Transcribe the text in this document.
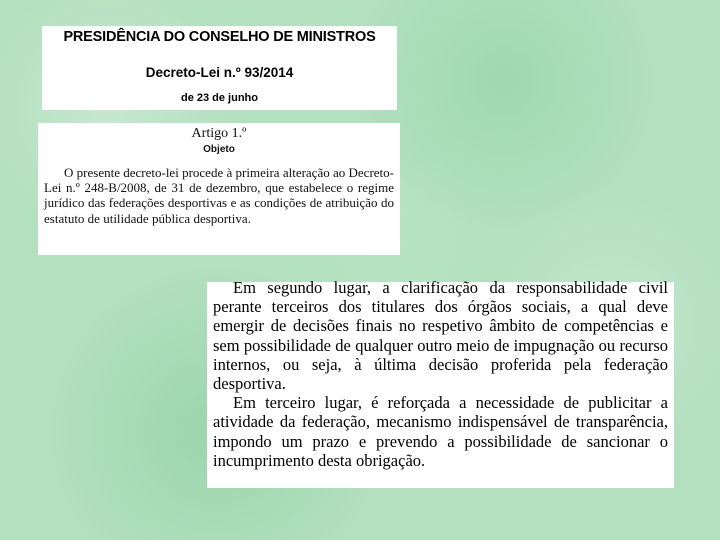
PRESIDÊNCIA DO CONSELHO DE MINISTROS
Decreto-Lei n.º 93/2014
de 23 de junho
Artigo 1.º
Objeto
O presente decreto-lei procede à primeira alteração ao Decreto-Lei n.º 248-B/2008, de 31 de dezembro, que estabelece o regime jurídico das federações desportivas e as condições de atribuição do estatuto de utilidade pública desportiva.
Em segundo lugar, a clarificação da responsabilidade civil perante terceiros dos titulares dos órgãos sociais, a qual deve emergir de decisões finais no respetivo âmbito de competências e sem possibilidade de qualquer outro meio de impugnação ou recurso internos, ou seja, à última decisão proferida pela federação desportiva.
Em terceiro lugar, é reforçada a necessidade de publicitar a atividade da federação, mecanismo indispensável de transparência, impondo um prazo e prevendo a possibilidade de sancionar o incumprimento desta obrigação.
